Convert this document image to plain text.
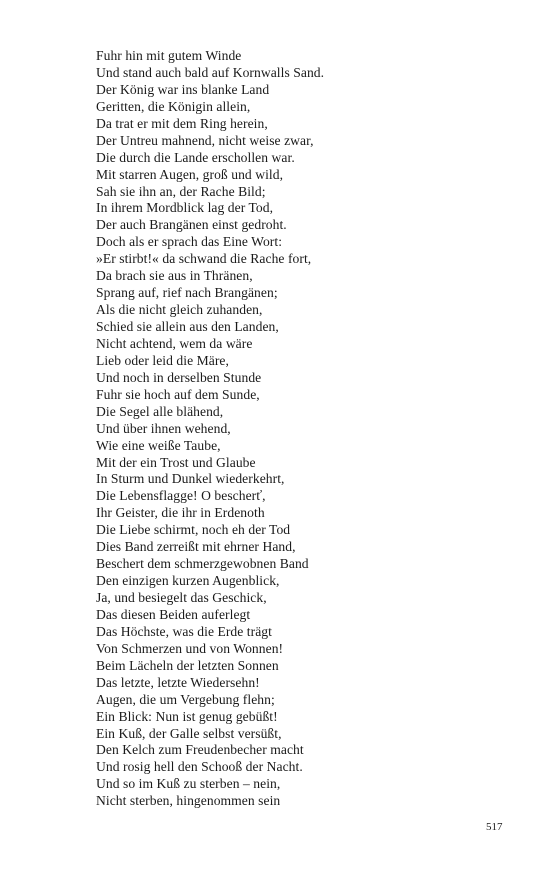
Fuhr hin mit gutem Winde
Und stand auch bald auf Kornwalls Sand.
Der König war ins blanke Land
Geritten, die Königin allein,
Da trat er mit dem Ring herein,
Der Untreu mahnend, nicht weise zwar,
Die durch die Lande erschollen war.
Mit starren Augen, groß und wild,
Sah sie ihn an, der Rache Bild;
In ihrem Mordblick lag der Tod,
Der auch Brangänen einst gedroht.
Doch als er sprach das Eine Wort:
»Er stirbt!« da schwand die Rache fort,
Da brach sie aus in Thränen,
Sprang auf, rief nach Brangänen;
Als die nicht gleich zuhanden,
Schied sie allein aus den Landen,
Nicht achtend, wem da wäre
Lieb oder leid die Märe,
Und noch in derselben Stunde
Fuhr sie hoch auf dem Sunde,
Die Segel alle blähend,
Und über ihnen wehend,
Wie eine weiße Taube,
Mit der ein Trost und Glaube
In Sturm und Dunkel wiederkehrt,
Die Lebensflagge! O bescherť,
Ihr Geister, die ihr in Erdenoth
Die Liebe schirmt, noch eh der Tod
Dies Band zerreißt mit ehrner Hand,
Beschert dem schmerzgewobnen Band
Den einzigen kurzen Augenblick,
Ja, und besiegelt das Geschick,
Das diesen Beiden auferlegt
Das Höchste, was die Erde trägt
Von Schmerzen und von Wonnen!
Beim Lächeln der letzten Sonnen
Das letzte, letzte Wiedersehn!
Augen, die um Vergebung flehn;
Ein Blick: Nun ist genug gebüßt!
Ein Kuß, der Galle selbst versüßt,
Den Kelch zum Freudenbecher macht
Und rosig hell den Schooß der Nacht.
Und so im Kuß zu sterben – nein,
Nicht sterben, hingenommen sein
517
